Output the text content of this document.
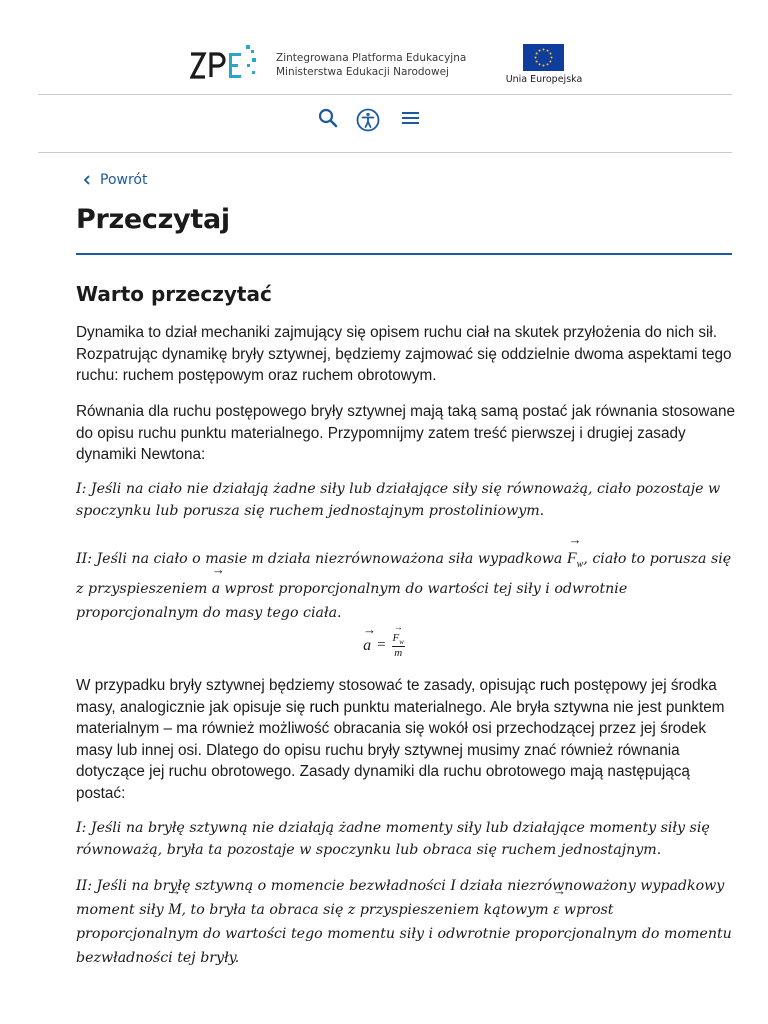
Zintegrowana Platforma Edukacyjna
Ministerstwa Edukacji Narodowej
Unia Europejska
Powrót
Przeczytaj
Warto przeczytać

Dynamika to dział mechaniki zajmujący się opisem ruchu ciał na skutek przyłożenia do nich sił. Rozpatrując dynamikę bryły sztywnej, będziemy zajmować się oddzielnie dwoma aspektami tego ruchu: ruchem postępowym oraz ruchem obrotowym.

Równania dla ruchu postępowego bryły sztywnej mają taką samą postać jak równania stosowane do opisu ruchu punktu materialnego. Przypomnijmy zatem treść pierwszej i drugiej zasady dynamiki Newtona:

I: Jeśli na ciało nie działają żadne siły lub działające siły się równoważą, ciało pozostaje w spoczynku lub porusza się ruchem jednostajnym prostoliniowym.

II: Jeśli na ciało o masie m działa niezrównoważona siła wypadkowa → $F_w$, ciało to porusza się z przyspieszeniem → a wprost proporcjonalnym do wartości tej siły i odwrotnie proporcjonalnym do masy tego ciała.

→ a =
→ $\frac{F_w}{m}$

W przypadku bryły sztywnej będziemy stosować te zasady, opisując ruch postępowy jej środka masy, analogicznie jak opisuje się ruch punktu materialnego. Ale bryła sztywna nie jest punktem materialnym – ma również możliwość obracania się wokół osi przechodzącej przez jej środek masy lub innej osi. Dlatego do opisu ruchu bryły sztywnej musimy znać również równania dotyczące jej ruchu obrotowego. Zasady dynamiki dla ruchu obrotowego mają następującą postać:

I: Jeśli na bryłę sztywną nie działają żadne momenty siły lub działające momenty siły się równoważą, bryła ta pozostaje w spoczynku lub obraca się ruchem jednostajnym.

II: Jeśli na bryłę sztywną o momencie bezwładności I działa niezrównoważony wypadkowy moment siły → M, to bryła ta obraca się z przyspieszeniem kątowym → ε wprost proporcjonalnym do wartości tego momentu siły i odwrotnie proporcjonalnym do momentu bezwładności tej bryły.
